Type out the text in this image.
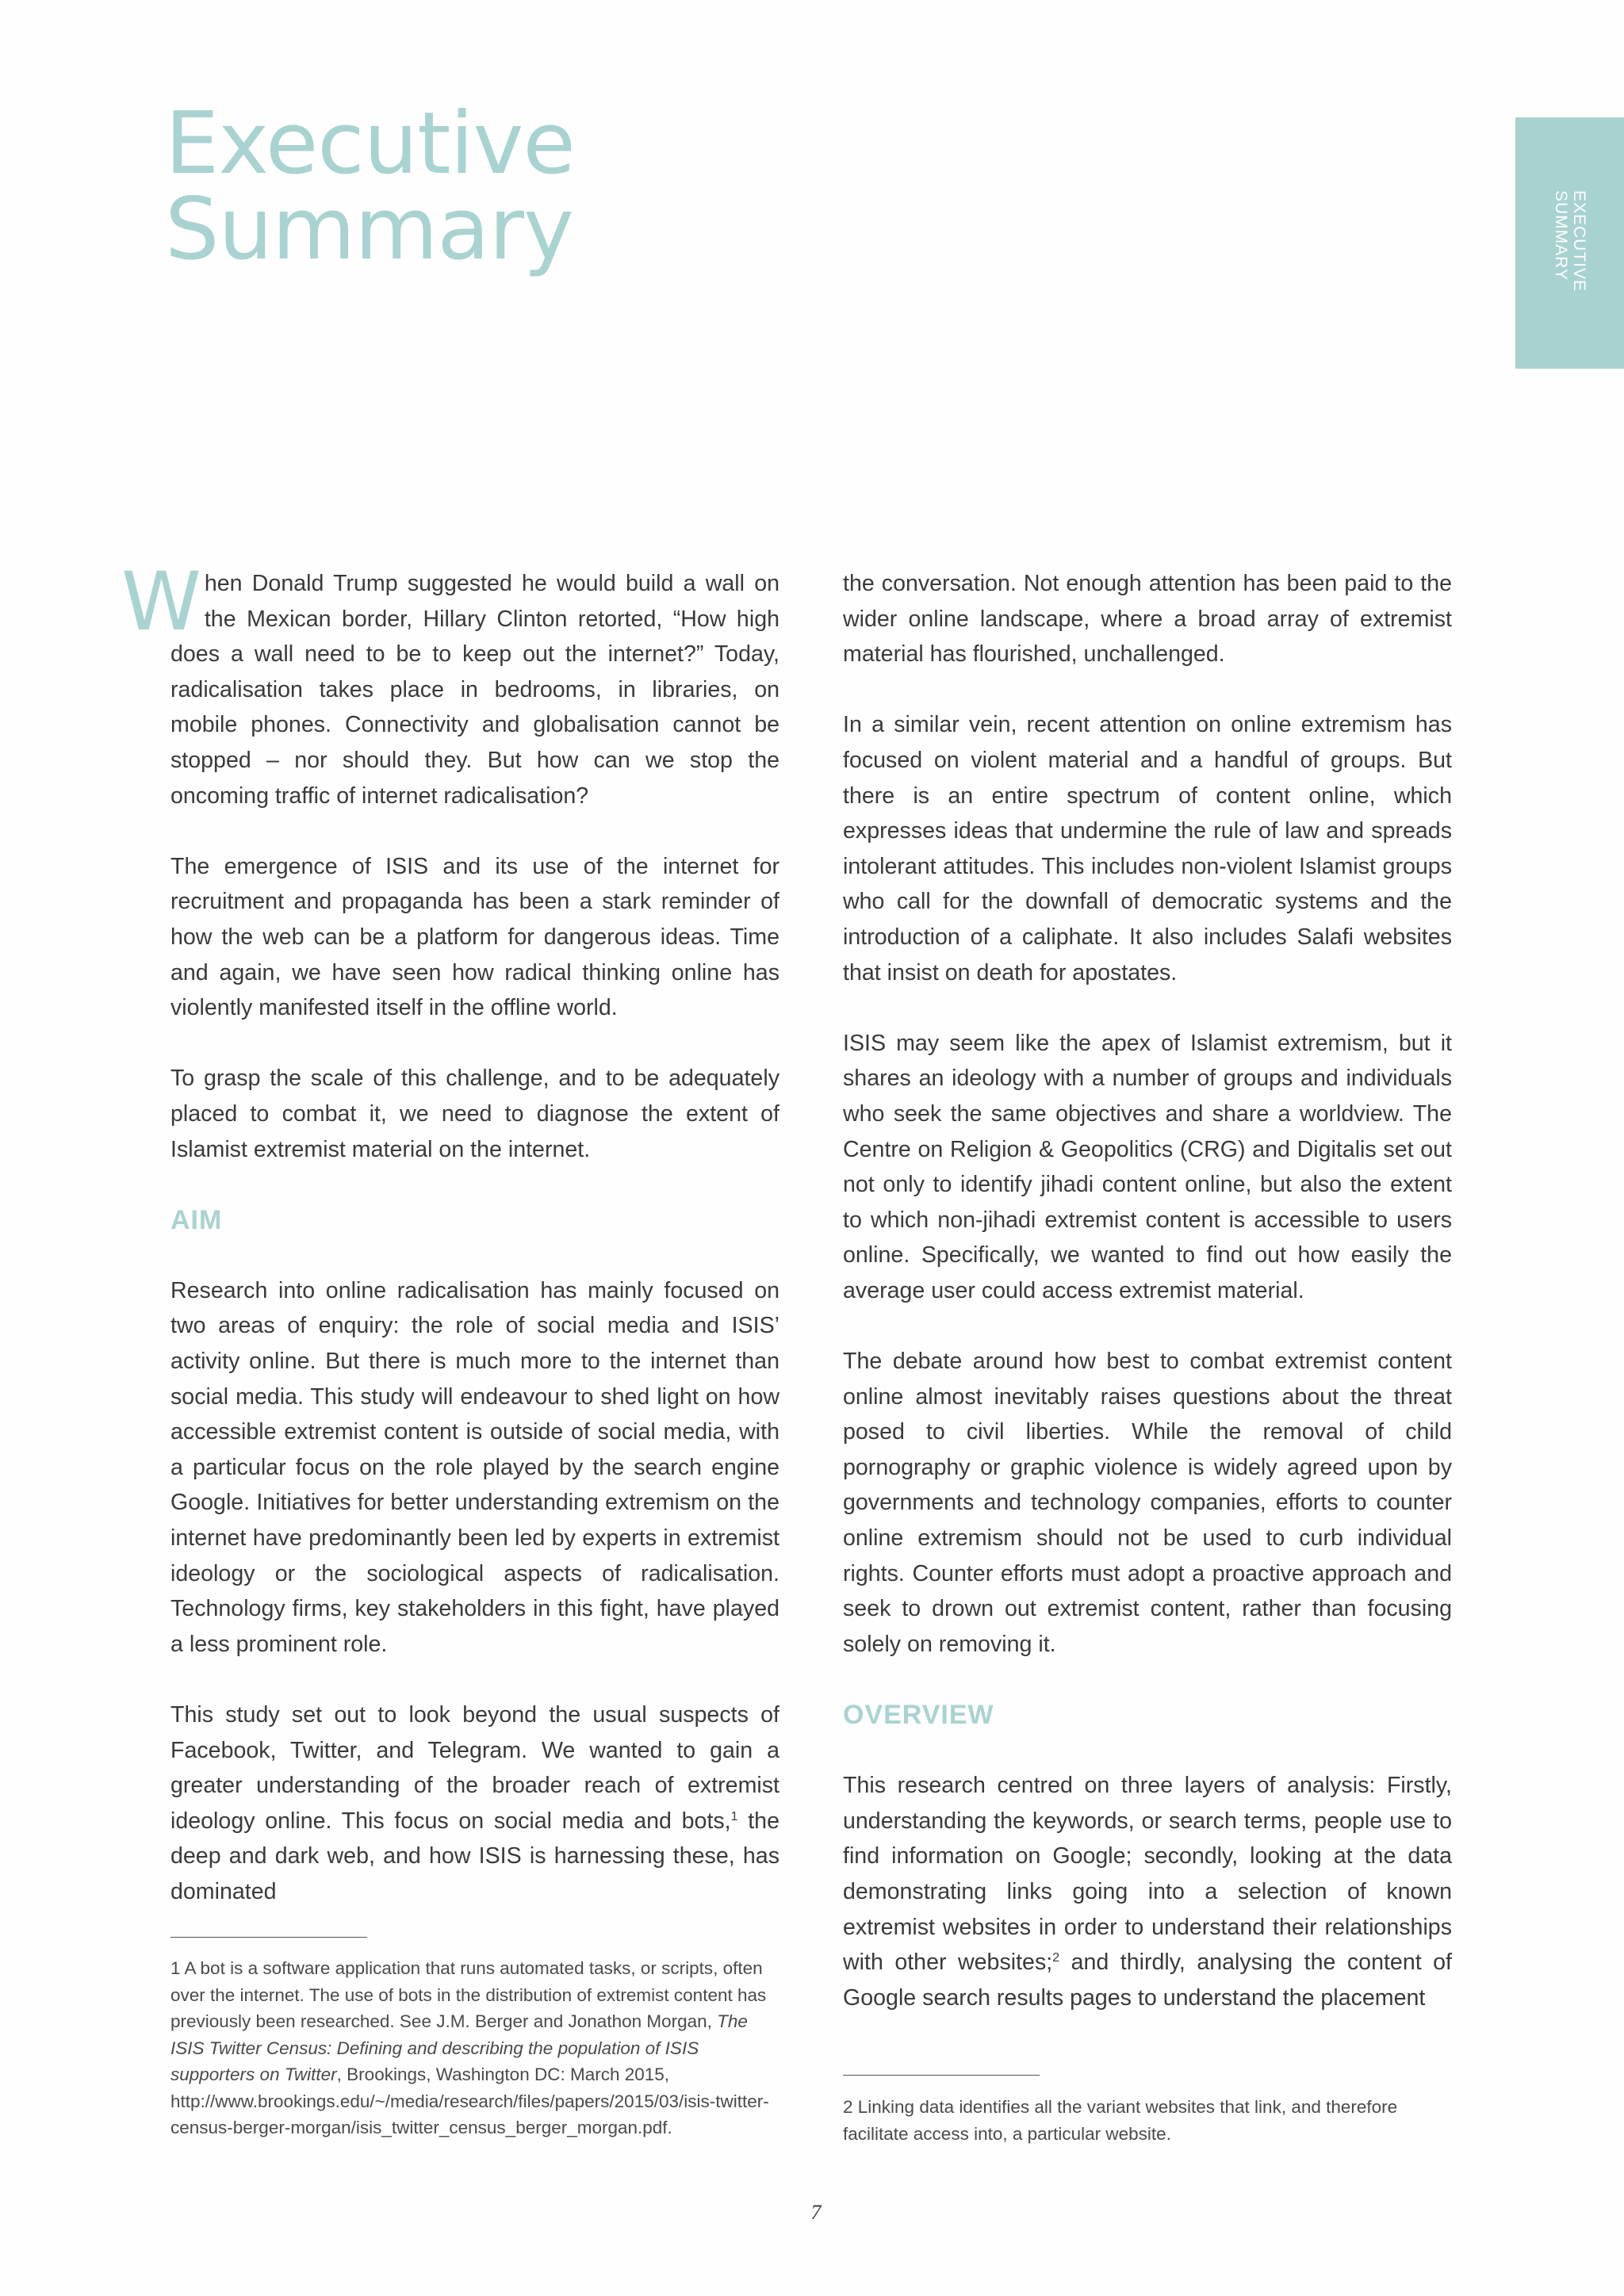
Executive
Summary	EXECUTIVE
SUMMARY

When Donald Trump suggested he would build a wall on the Mexican border, Hillary Clinton retorted, “How high does a wall need to be to keep out the internet?” Today, radicalisation takes place in bedrooms, in libraries, on mobile phones. Connectivity and globalisation cannot be stopped – nor should they. But how can we stop the oncoming traffic of internet radicalisation?

The emergence of ISIS and its use of the internet for recruitment and propaganda has been a stark reminder of how the web can be a platform for dangerous ideas. Time and again, we have seen how radical thinking online has violently manifested itself in the offline world.

To grasp the scale of this challenge, and to be adequately placed to combat it, we need to diagnose the extent of Islamist extremist material on the internet.

AIM

Research into online radicalisation has mainly focused on two areas of enquiry: the role of social media and ISIS’ activity online. But there is much more to the internet than social media. This study will endeavour to shed light on how accessible extremist content is outside of social media, with a particular focus on the role played by the search engine Google. Initiatives for better understanding extremism on the internet have predominantly been led by experts in extremist ideology or the sociological aspects of radicalisation. Technology firms, key stakeholders in this fight, have played a less prominent role.

This study set out to look beyond the usual suspects of Facebook, Twitter, and Telegram. We wanted to gain a greater understanding of the broader reach of extremist ideology online. This focus on social media and bots,$^1$ the deep and dark web, and how ISIS is harnessing these, has dominated

the conversation. Not enough attention has been paid to the wider online landscape, where a broad array of extremist material has flourished, unchallenged.

In a similar vein, recent attention on online extremism has focused on violent material and a handful of groups. But there is an entire spectrum of content online, which expresses ideas that undermine the rule of law and spreads intolerant attitudes. This includes non-violent Islamist groups who call for the downfall of democratic systems and the introduction of a caliphate. It also includes Salafi websites that insist on death for apostates.

ISIS may seem like the apex of Islamist extremism, but it shares an ideology with a number of groups and individuals who seek the same objectives and share a worldview. The Centre on Religion & Geopolitics (CRG) and Digitalis set out not only to identify jihadi content online, but also the extent to which non-jihadi extremist content is accessible to users online. Specifically, we wanted to find out how easily the average user could access extremist material.

The debate around how best to combat extremist content online almost inevitably raises questions about the threat posed to civil liberties. While the removal of child pornography or graphic violence is widely agreed upon by governments and technology companies, efforts to counter online extremism should not be used to curb individual rights. Counter efforts must adopt a proactive approach and seek to drown out extremist content, rather than focusing solely on removing it.

OVERVIEW

This research centred on three layers of analysis: Firstly, understanding the keywords, or search terms, people use to find information on Google; secondly, looking at the data demonstrating links going into a selection of known extremist websites in order to understand their relationships with other websites;$^2$ and thirdly, analysing the content of Google search results pages to understand the placement

1 A bot is a software application that runs automated tasks, or scripts, often over the internet. The use of bots in the distribution of extremist content has previously been researched. See J.M. Berger and Jonathon Morgan, The ISIS Twitter Census: Defining and describing the population of ISIS supporters on Twitter, Brookings, Washington DC: March 2015, http://www.brookings.edu/~/media/research/files/papers/2015/03/isis-twitter-census-berger-morgan/isis_twitter_census_berger_morgan.pdf.

2 Linking data identifies all the variant websites that link, and therefore facilitate access into, a particular website.

7
